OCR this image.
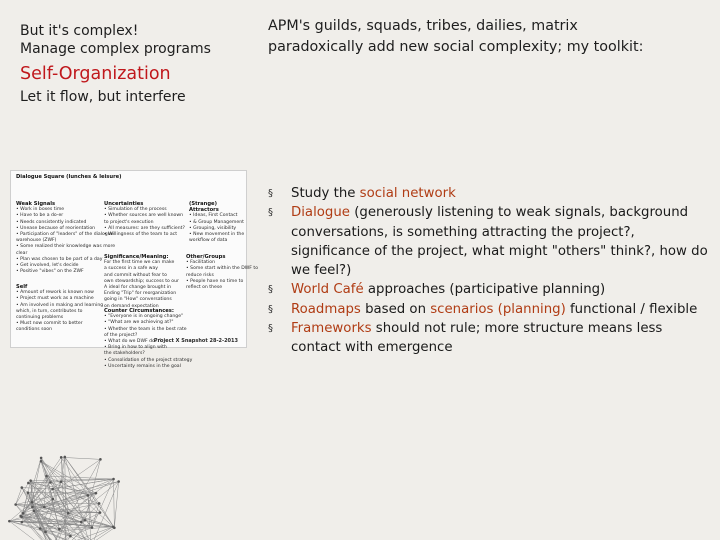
But it's complex!
Manage complex programs
Self-Organization
Let it flow, but interfere
APM's guilds, squads, tribes, dailies, matrix
paradoxically add new social complexity; my toolkit:
Dialogue Square (lunches & leisure)
Weak Signals
• Work in boxes time
• Have to be a do-er
• Needs consistently indicated
• Unease because of reorientation
• Participation of "leaders" of the dialogue
warehouse (ZWF)
• Some realized their knowledge was more
clear
• Plan was chosen to be part of a day
• Get involved, let's decide
• Positive "vibes" on the ZWF
Uncertainties
• Simulation of the process
• Whether sources are well known
to project's execution
• All measures: are they sufficient?
• Willingness of the team to act
(Strange) Attractors
• Ideas, First Contact
• & Group Management
• Grouping, visibility
• New movement in the
workflow of data
Significance/Meaning:
For the first time we can make
a success in a safe way
and commit without fear to
own stewardship; success to our
A ideal for change brought in
Ending "Trip" for reorganization
going in "How" conversations
on demand expectation
Other/Groups
• Facilitation
• Some start within the DWF to
reduce risks
• People have no time to
reflect on these
Self
• Amount of rework is known now
• Project must work as a machine
• Am involved in making and learning
which, in turn, contributes to
continuing problems
• Must now commit to better
conditions soon
Counter Circumstances:
• "Everyone is in ongoing change"
• "What are we achieving at?"
• Whether the team is the best rate
of the project?
• What do we DWF do...?
• Bring in how to align with
the stakeholders?
• Consolidation of the project strategy
• Uncertainty remains in the goal
Project X Snapshot 28-2-2013
§ Study the social network
§ Dialogue (generously listening to weak signals, background conversations, is something attracting the project?, significance of the project, what might "others" think?, how do we feel?)
§ World Café approaches (participative planning)
§ Roadmaps based on scenarios (planning) functional / flexible
§ Frameworks should not rule; more structure means less contact with emergence
